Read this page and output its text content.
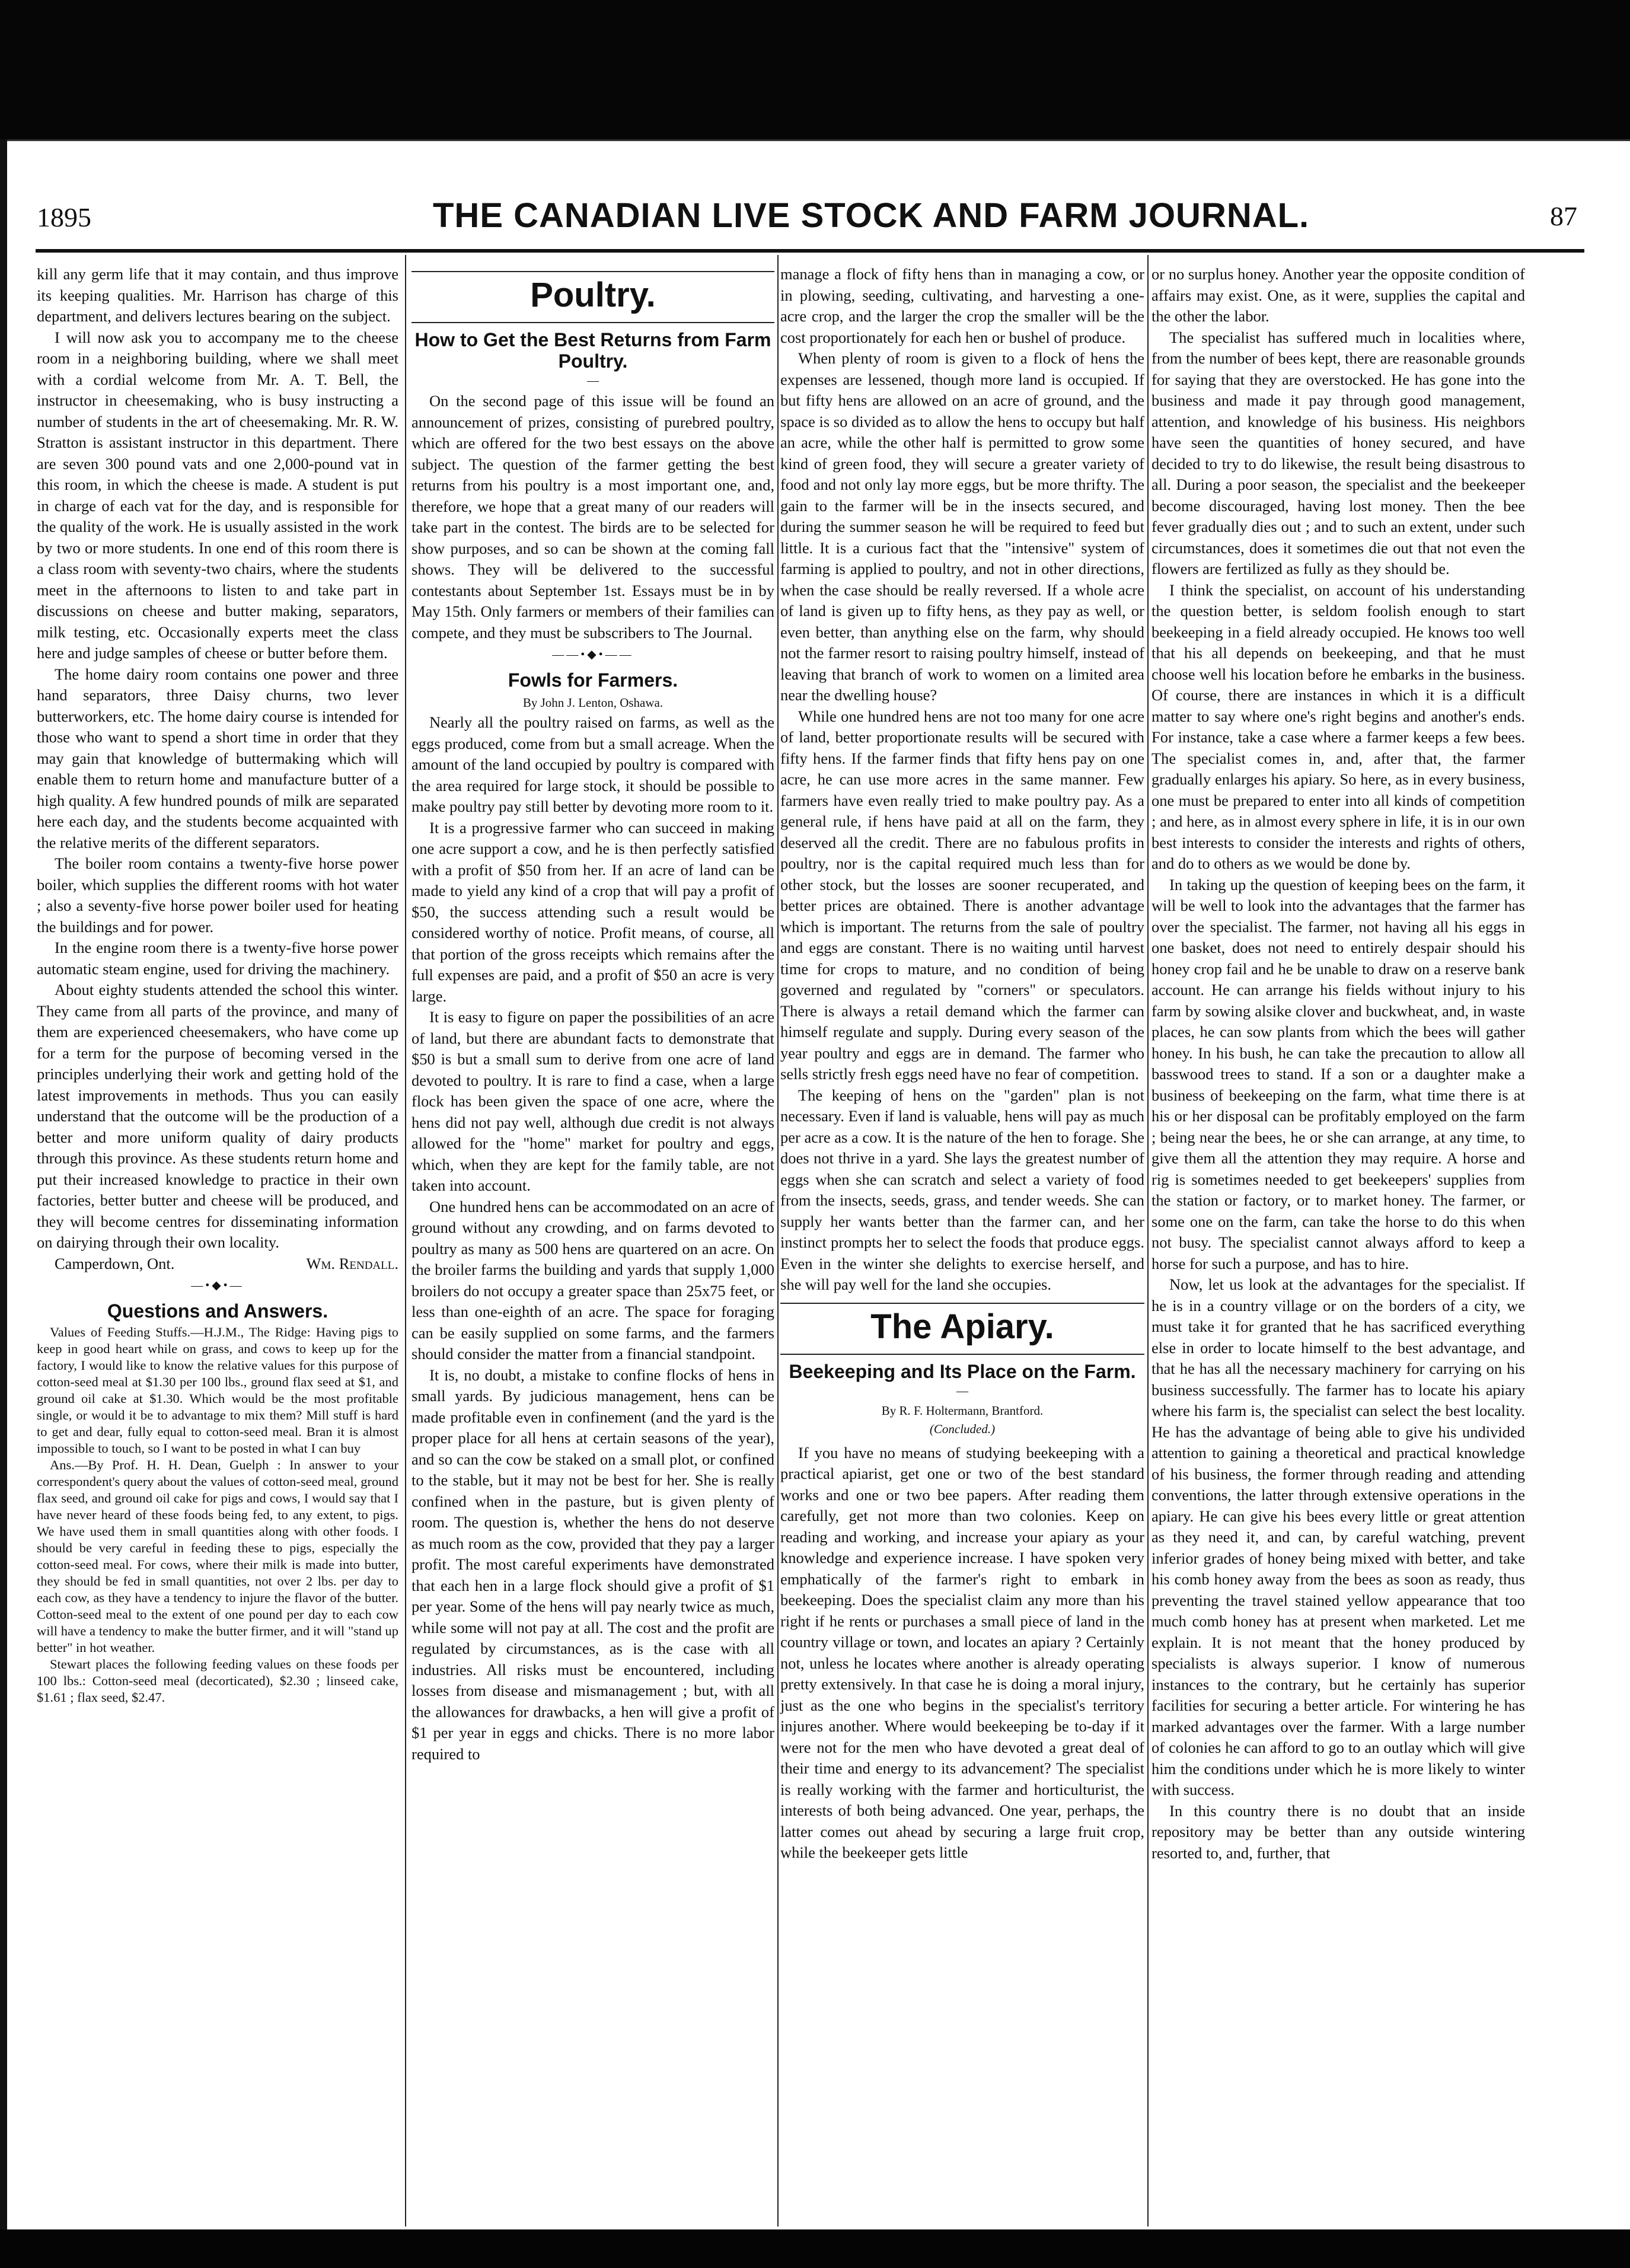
1895	THE CANADIAN LIVE STOCK AND FARM JOURNAL.	87

kill any germ life that it may contain, and thus improve its keeping qualities. Mr. Harrison has charge of this department, and delivers lectures bearing on the subject.

I will now ask you to accompany me to the cheese room in a neighboring building, where we shall meet with a cordial welcome from Mr. A. T. Bell, the instructor in cheesemaking, who is busy instructing a number of students in the art of cheesemaking. Mr. R. W. Stratton is assistant instructor in this department. There are seven 300 pound vats and one 2,000-pound vat in this room, in which the cheese is made. A student is put in charge of each vat for the day, and is responsible for the quality of the work. He is usually assisted in the work by two or more students. In one end of this room there is a class room with seventy-two chairs, where the students meet in the afternoons to listen to and take part in discussions on cheese and butter making, separators, milk testing, etc. Occasionally experts meet the class here and judge samples of cheese or butter before them.

The home dairy room contains one power and three hand separators, three Daisy churns, two lever butterworkers, etc. The home dairy course is intended for those who want to spend a short time in order that they may gain that knowledge of buttermaking which will enable them to return home and manufacture butter of a high quality. A few hundred pounds of milk are separated here each day, and the students become acquainted with the relative merits of the different separators.

The boiler room contains a twenty-five horse power boiler, which supplies the different rooms with hot water ; also a seventy-five horse power boiler used for heating the buildings and for power.

In the engine room there is a twenty-five horse power automatic steam engine, used for driving the machinery.

About eighty students attended the school this winter. They came from all parts of the province, and many of them are experienced cheesemakers, who have come up for a term for the purpose of becoming versed in the principles underlying their work and getting hold of the latest improvements in methods. Thus you can easily understand that the outcome will be the production of a better and more uniform quality of dairy products through this province. As these students return home and put their increased knowledge to practice in their own factories, better butter and cheese will be produced, and they will become centres for disseminating information on dairying through their own locality.

Camperdown, Ont.	Wm. Rendall.

—•◆•—
Questions and Answers.

Values of Feeding Stuffs.—H.J.M., The Ridge: Having pigs to keep in good heart while on grass, and cows to keep up for the factory, I would like to know the relative values for this purpose of cotton-seed meal at $1.30 per 100 lbs., ground flax seed at $1, and ground oil cake at $1.30. Which would be the most profitable single, or would it be to advantage to mix them? Mill stuff is hard to get and dear, fully equal to cotton-seed meal. Bran it is almost impossible to touch, so I want to be posted in what I can buy

Ans.—By Prof. H. H. Dean, Guelph : In answer to your correspondent's query about the values of cotton-seed meal, ground flax seed, and ground oil cake for pigs and cows, I would say that I have never heard of these foods being fed, to any extent, to pigs. We have used them in small quantities along with other foods. I should be very careful in feeding these to pigs, especially the cotton-seed meal. For cows, where their milk is made into butter, they should be fed in small quantities, not over 2 lbs. per day to each cow, as they have a tendency to injure the flavor of the butter. Cotton-seed meal to the extent of one pound per day to each cow will have a tendency to make the butter firmer, and it will "stand up better" in hot weather.

Stewart places the following feeding values on these foods per 100 lbs.: Cotton-seed meal (decorticated), $2.30 ; linseed cake, $1.61 ; flax seed, $2.47.

Poultry.
How to Get the Best Returns from Farm Poultry.
—

On the second page of this issue will be found an announcement of prizes, consisting of purebred poultry, which are offered for the two best essays on the above subject. The question of the farmer getting the best returns from his poultry is a most important one, and, therefore, we hope that a great many of our readers will take part in the contest. The birds are to be selected for show purposes, and so can be shown at the coming fall shows. They will be delivered to the successful contestants about September 1st. Essays must be in by May 15th. Only farmers or members of their families can compete, and they must be subscribers to The Journal.

——•◆•——
Fowls for Farmers.
By John J. Lenton, Oshawa.

Nearly all the poultry raised on farms, as well as the eggs produced, come from but a small acreage. When the amount of the land occupied by poultry is compared with the area required for large stock, it should be possible to make poultry pay still better by devoting more room to it.

It is a progressive farmer who can succeed in making one acre support a cow, and he is then perfectly satisfied with a profit of $50 from her. If an acre of land can be made to yield any kind of a crop that will pay a profit of $50, the success attending such a result would be considered worthy of notice. Profit means, of course, all that portion of the gross receipts which remains after the full expenses are paid, and a profit of $50 an acre is very large.

It is easy to figure on paper the possibilities of an acre of land, but there are abundant facts to demonstrate that $50 is but a small sum to derive from one acre of land devoted to poultry. It is rare to find a case, when a large flock has been given the space of one acre, where the hens did not pay well, although due credit is not always allowed for the "home" market for poultry and eggs, which, when they are kept for the family table, are not taken into account.

One hundred hens can be accommodated on an acre of ground without any crowding, and on farms devoted to poultry as many as 500 hens are quartered on an acre. On the broiler farms the building and yards that supply 1,000 broilers do not occupy a greater space than 25x75 feet, or less than one-eighth of an acre. The space for foraging can be easily supplied on some farms, and the farmers should consider the matter from a financial standpoint.

It is, no doubt, a mistake to confine flocks of hens in small yards. By judicious management, hens can be made profitable even in confinement (and the yard is the proper place for all hens at certain seasons of the year), and so can the cow be staked on a small plot, or confined to the stable, but it may not be best for her. She is really confined when in the pasture, but is given plenty of room. The question is, whether the hens do not deserve as much room as the cow, provided that they pay a larger profit. The most careful experiments have demonstrated that each hen in a large flock should give a profit of $1 per year. Some of the hens will pay nearly twice as much, while some will not pay at all. The cost and the profit are regulated by circumstances, as is the case with all industries. All risks must be encountered, including losses from disease and mismanagement ; but, with all the allowances for drawbacks, a hen will give a profit of $1 per year in eggs and chicks. There is no more labor required to

manage a flock of fifty hens than in managing a cow, or in plowing, seeding, cultivating, and harvesting a one-acre crop, and the larger the crop the smaller will be the cost proportionately for each hen or bushel of produce.

When plenty of room is given to a flock of hens the expenses are lessened, though more land is occupied. If but fifty hens are allowed on an acre of ground, and the space is so divided as to allow the hens to occupy but half an acre, while the other half is permitted to grow some kind of green food, they will secure a greater variety of food and not only lay more eggs, but be more thrifty. The gain to the farmer will be in the insects secured, and during the summer season he will be required to feed but little. It is a curious fact that the "intensive" system of farming is applied to poultry, and not in other directions, when the case should be really reversed. If a whole acre of land is given up to fifty hens, as they pay as well, or even better, than anything else on the farm, why should not the farmer resort to raising poultry himself, instead of leaving that branch of work to women on a limited area near the dwelling house?

While one hundred hens are not too many for one acre of land, better proportionate results will be secured with fifty hens. If the farmer finds that fifty hens pay on one acre, he can use more acres in the same manner. Few farmers have even really tried to make poultry pay. As a general rule, if hens have paid at all on the farm, they deserved all the credit. There are no fabulous profits in poultry, nor is the capital required much less than for other stock, but the losses are sooner recuperated, and better prices are obtained. There is another advantage which is important. The returns from the sale of poultry and eggs are constant. There is no waiting until harvest time for crops to mature, and no condition of being governed and regulated by "corners" or speculators. There is always a retail demand which the farmer can himself regulate and supply. During every season of the year poultry and eggs are in demand. The farmer who sells strictly fresh eggs need have no fear of competition.

The keeping of hens on the "garden" plan is not necessary. Even if land is valuable, hens will pay as much per acre as a cow. It is the nature of the hen to forage. She does not thrive in a yard. She lays the greatest number of eggs when she can scratch and select a variety of food from the insects, seeds, grass, and tender weeds. She can supply her wants better than the farmer can, and her instinct prompts her to select the foods that produce eggs. Even in the winter she delights to exercise herself, and she will pay well for the land she occupies.

The Apiary.
Beekeeping and Its Place on the Farm.
—
By R. F. Holtermann, Brantford.
(Concluded.)

If you have no means of studying beekeeping with a practical apiarist, get one or two of the best standard works and one or two bee papers. After reading them carefully, get not more than two colonies. Keep on reading and working, and increase your apiary as your knowledge and experience increase. I have spoken very emphatically of the farmer's right to embark in beekeeping. Does the specialist claim any more than his right if he rents or purchases a small piece of land in the country village or town, and locates an apiary ? Certainly not, unless he locates where another is already operating pretty extensively. In that case he is doing a moral injury, just as the one who begins in the specialist's territory injures another. Where would beekeeping be to-day if it were not for the men who have devoted a great deal of their time and energy to its advancement? The specialist is really working with the farmer and horticulturist, the interests of both being advanced. One year, perhaps, the latter comes out ahead by securing a large fruit crop, while the beekeeper gets little

or no surplus honey. Another year the opposite condition of affairs may exist. One, as it were, supplies the capital and the other the labor.

The specialist has suffered much in localities where, from the number of bees kept, there are reasonable grounds for saying that they are overstocked. He has gone into the business and made it pay through good management, attention, and knowledge of his business. His neighbors have seen the quantities of honey secured, and have decided to try to do likewise, the result being disastrous to all. During a poor season, the specialist and the beekeeper become discouraged, having lost money. Then the bee fever gradually dies out ; and to such an extent, under such circumstances, does it sometimes die out that not even the flowers are fertilized as fully as they should be.

I think the specialist, on account of his understanding the question better, is seldom foolish enough to start beekeeping in a field already occupied. He knows too well that his all depends on beekeeping, and that he must choose well his location before he embarks in the business. Of course, there are instances in which it is a difficult matter to say where one's right begins and another's ends. For instance, take a case where a farmer keeps a few bees. The specialist comes in, and, after that, the farmer gradually enlarges his apiary. So here, as in every business, one must be prepared to enter into all kinds of competition ; and here, as in almost every sphere in life, it is in our own best interests to consider the interests and rights of others, and do to others as we would be done by.

In taking up the question of keeping bees on the farm, it will be well to look into the advantages that the farmer has over the specialist. The farmer, not having all his eggs in one basket, does not need to entirely despair should his honey crop fail and he be unable to draw on a reserve bank account. He can arrange his fields without injury to his farm by sowing alsike clover and buckwheat, and, in waste places, he can sow plants from which the bees will gather honey. In his bush, he can take the precaution to allow all basswood trees to stand. If a son or a daughter make a business of beekeeping on the farm, what time there is at his or her disposal can be profitably employed on the farm ; being near the bees, he or she can arrange, at any time, to give them all the attention they may require. A horse and rig is sometimes needed to get beekeepers' supplies from the station or factory, or to market honey. The farmer, or some one on the farm, can take the horse to do this when not busy. The specialist cannot always afford to keep a horse for such a purpose, and has to hire.

Now, let us look at the advantages for the specialist. If he is in a country village or on the borders of a city, we must take it for granted that he has sacrificed everything else in order to locate himself to the best advantage, and that he has all the necessary machinery for carrying on his business successfully. The farmer has to locate his apiary where his farm is, the specialist can select the best locality. He has the advantage of being able to give his undivided attention to gaining a theoretical and practical knowledge of his business, the former through reading and attending conventions, the latter through extensive operations in the apiary. He can give his bees every little or great attention as they need it, and can, by careful watching, prevent inferior grades of honey being mixed with better, and take his comb honey away from the bees as soon as ready, thus preventing the travel stained yellow appearance that too much comb honey has at present when marketed. Let me explain. It is not meant that the honey produced by specialists is always superior. I know of numerous instances to the contrary, but he certainly has superior facilities for securing a better article. For wintering he has marked advantages over the farmer. With a large number of colonies he can afford to go to an outlay which will give him the conditions under which he is more likely to winter with success.

In this country there is no doubt that an inside repository may be better than any outside wintering resorted to, and, further, that
